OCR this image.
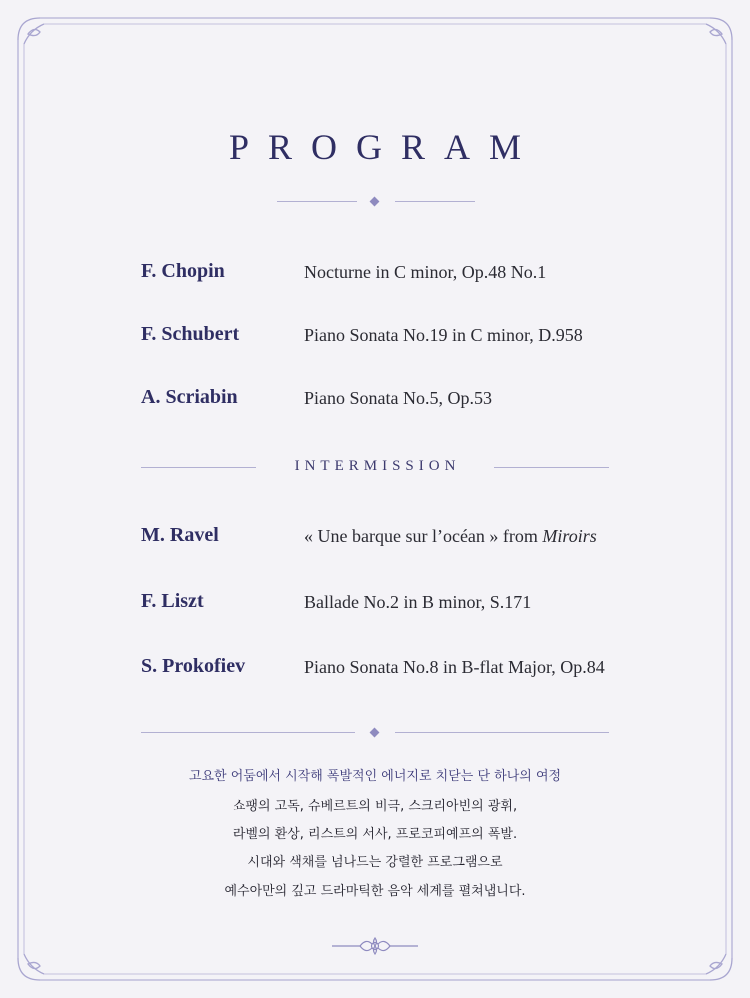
PROGRAM
F. Chopin	Nocturne in C minor, Op.48 No.1
F. Schubert	Piano Sonata No.19 in C minor, D.958
A. Scriabin	Piano Sonata No.5, Op.53
INTERMISSION
M. Ravel	« Une barque sur l’océan » from Miroirs
F. Liszt	Ballade No.2 in B minor, S.171
S. Prokofiev	Piano Sonata No.8 in B-flat Major, Op.84
고요한 어둠에서 시작해 폭발적인 에너지로 치닫는 단 하나의 여정
쇼팽의 고독, 슈베르트의 비극, 스크리아빈의 광휘,
라벨의 환상, 리스트의 서사, 프로코피예프의 폭발.
시대와 색채를 넘나드는 강렬한 프로그램으로
예수아만의 깊고 드라마틱한 음악 세계를 펼쳐냅니다.
